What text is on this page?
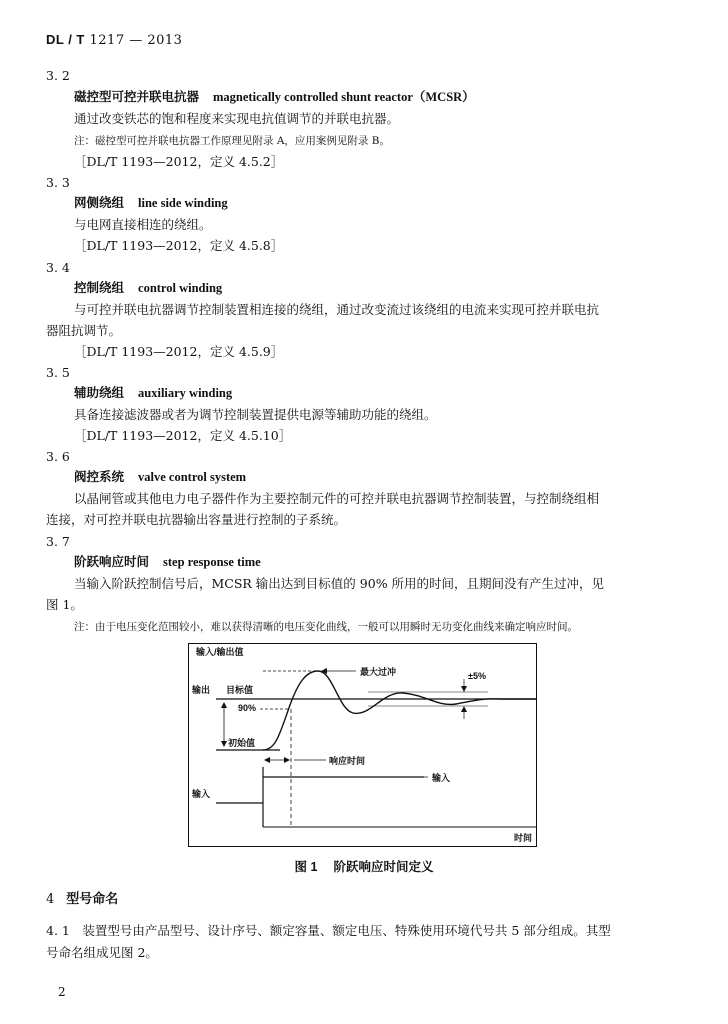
DL / T 1217 — 2013
3. 2
磁控型可控并联电抗器 magnetically controlled shunt reactor（MCSR）
通过改变铁芯的饱和程度来实现电抗值调节的并联电抗器。
注：磁控型可控并联电抗器工作原理见附录 A，应用案例见附录 B。
［DL/T 1193—2012，定义 4.5.2］
3. 3
网侧绕组 line side winding
与电网直接相连的绕组。
［DL/T 1193—2012，定义 4.5.8］
3. 4
控制绕组 control winding
与可控并联电抗器调节控制装置相连接的绕组，通过改变流过该绕组的电流来实现可控并联电抗
器阻抗调节。
［DL/T 1193—2012，定义 4.5.9］
3. 5
辅助绕组 auxiliary winding
具备连接滤波器或者为调节控制装置提供电源等辅助功能的绕组。
［DL/T 1193—2012，定义 4.5.10］
3. 6
阀控系统 valve control system
以晶闸管或其他电力电子器件作为主要控制元件的可控并联电抗器调节控制装置，与控制绕组相
连接，对可控并联电抗器输出容量进行控制的子系统。
3. 7
阶跃响应时间 step response time
当输入阶跃控制信号后，MCSR 输出达到目标值的 90% 所用的时间，且期间没有产生过冲，见
图 1。
注：由于电压变化范围较小，难以获得清晰的电压变化曲线，一般可以用瞬时无功变化曲线来确定响应时间。
输入/输出值
最大过冲	±5%
输出 目标值
90%
初始值
响应时间
输入
输入
时间
图 1 阶跃响应时间定义
4 型号命名
4. 1　装置型号由产品型号、设计序号、额定容量、额定电压、特殊使用环境代号共 5 部分组成。其型
号命名组成见图 2。
2
